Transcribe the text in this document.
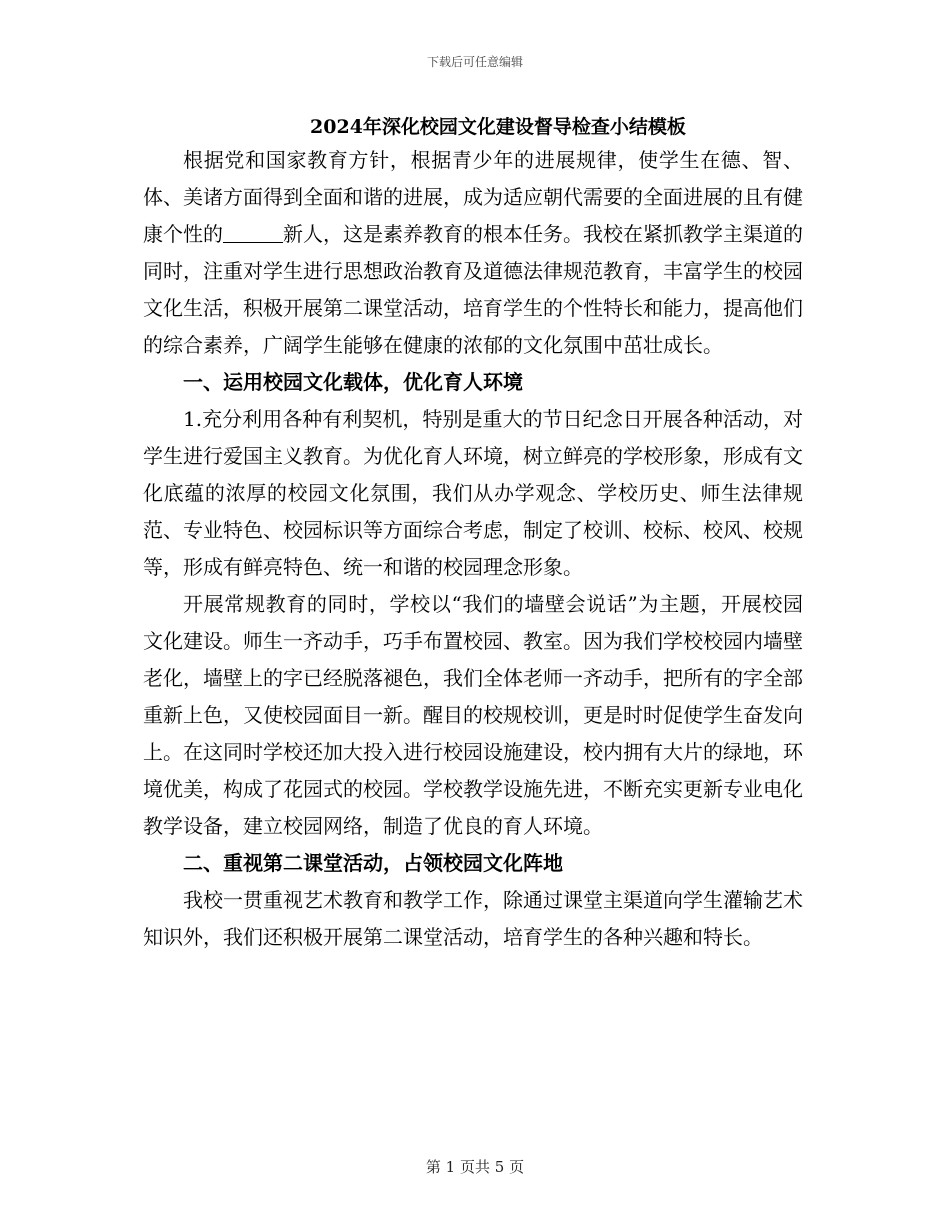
下载后可任意编辑
2024年深化校园文化建设督导检查小结模板

根据党和国家教育方针，根据青少年的进展规律，使学生在德、智、体、美诸方面得到全面和谐的进展，成为适应朝代需要的全面进展的且有健康个性的	新人，这是素养教育的根本任务。我校在紧抓教学主渠道的同时，注重对学生进行思想政治教育及道德法律规范教育，丰富学生的校园文化生活，积极开展第二课堂活动，培育学生的个性特长和能力，提高他们的综合素养，广阔学生能够在健康的浓郁的文化氛围中茁壮成长。

一、运用校园文化载体，优化育人环境

1.充分利用各种有利契机，特别是重大的节日纪念日开展各种活动，对学生进行爱国主义教育。为优化育人环境，树立鲜亮的学校形象，形成有文化底蕴的浓厚的校园文化氛围，我们从办学观念、学校历史、师生法律规范、专业特色、校园标识等方面综合考虑，制定了校训、校标、校风、校规等，形成有鲜亮特色、统一和谐的校园理念形象。

开展常规教育的同时，学校以“我们的墙壁会说话”为主题，开展校园文化建设。师生一齐动手，巧手布置校园、教室。因为我们学校校园内墙壁老化，墙壁上的字已经脱落褪色，我们全体老师一齐动手，把所有的字全部重新上色，又使校园面目一新。醒目的校规校训，更是时时促使学生奋发向上。在这同时学校还加大投入进行校园设施建设，校内拥有大片的绿地，环境优美，构成了花园式的校园。学校教学设施先进，不断充实更新专业电化教学设备，建立校园网络，制造了优良的育人环境。

二、重视第二课堂活动，占领校园文化阵地

我校一贯重视艺术教育和教学工作，除通过课堂主渠道向学生灌输艺术知识外，我们还积极开展第二课堂活动，培育学生的各种兴趣和特长。

第 1 页共 5 页
